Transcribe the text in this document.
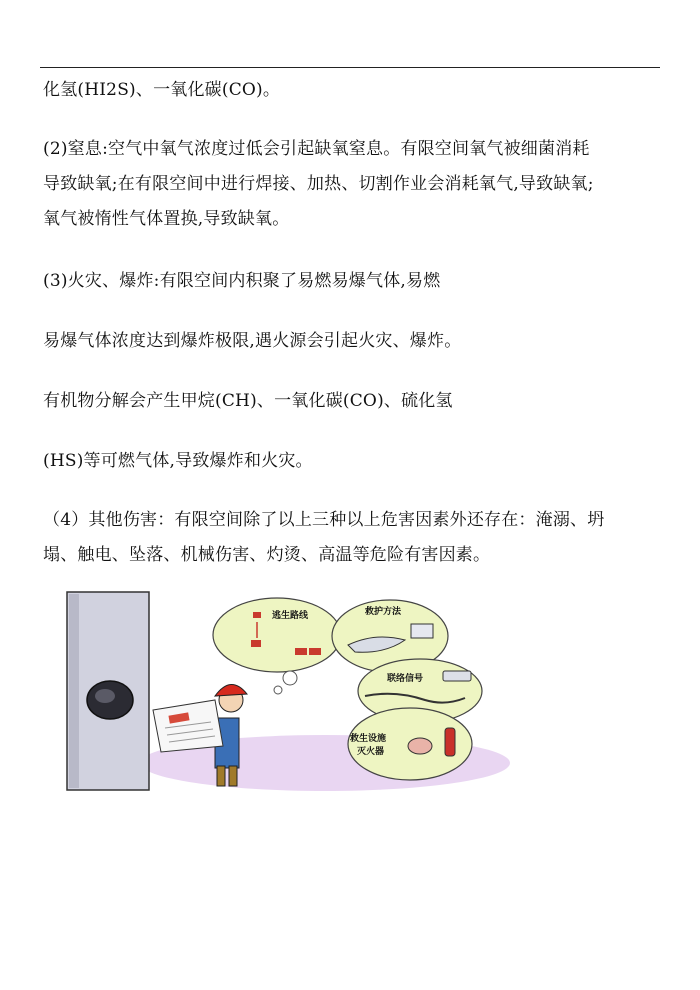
化氢(HI2S)、一氧化碳(CO)。
(2)窒息:空气中氧气浓度过低会引起缺氧窒息。有限空间氧气被细菌消耗
导致缺氧;在有限空间中进行焊接、加热、切割作业会消耗氧气,导致缺氧;
氧气被惰性气体置换,导致缺氧。
(3)火灾、爆炸:有限空间内积聚了易燃易爆气体,易燃
易爆气体浓度达到爆炸极限,遇火源会引起火灾、爆炸。
有机物分解会产生甲烷(CH)、一氧化碳(CO)、硫化氢
(HS)等可燃气体,导致爆炸和火灾。
（4）其他伤害：有限空间除了以上三种以上危害因素外还存在：淹溺、坍
塌、触电、坠落、机械伤害、灼烫、高温等危险有害因素。
逃生路线	救护方法
联络信号
救生设施
灭火器
